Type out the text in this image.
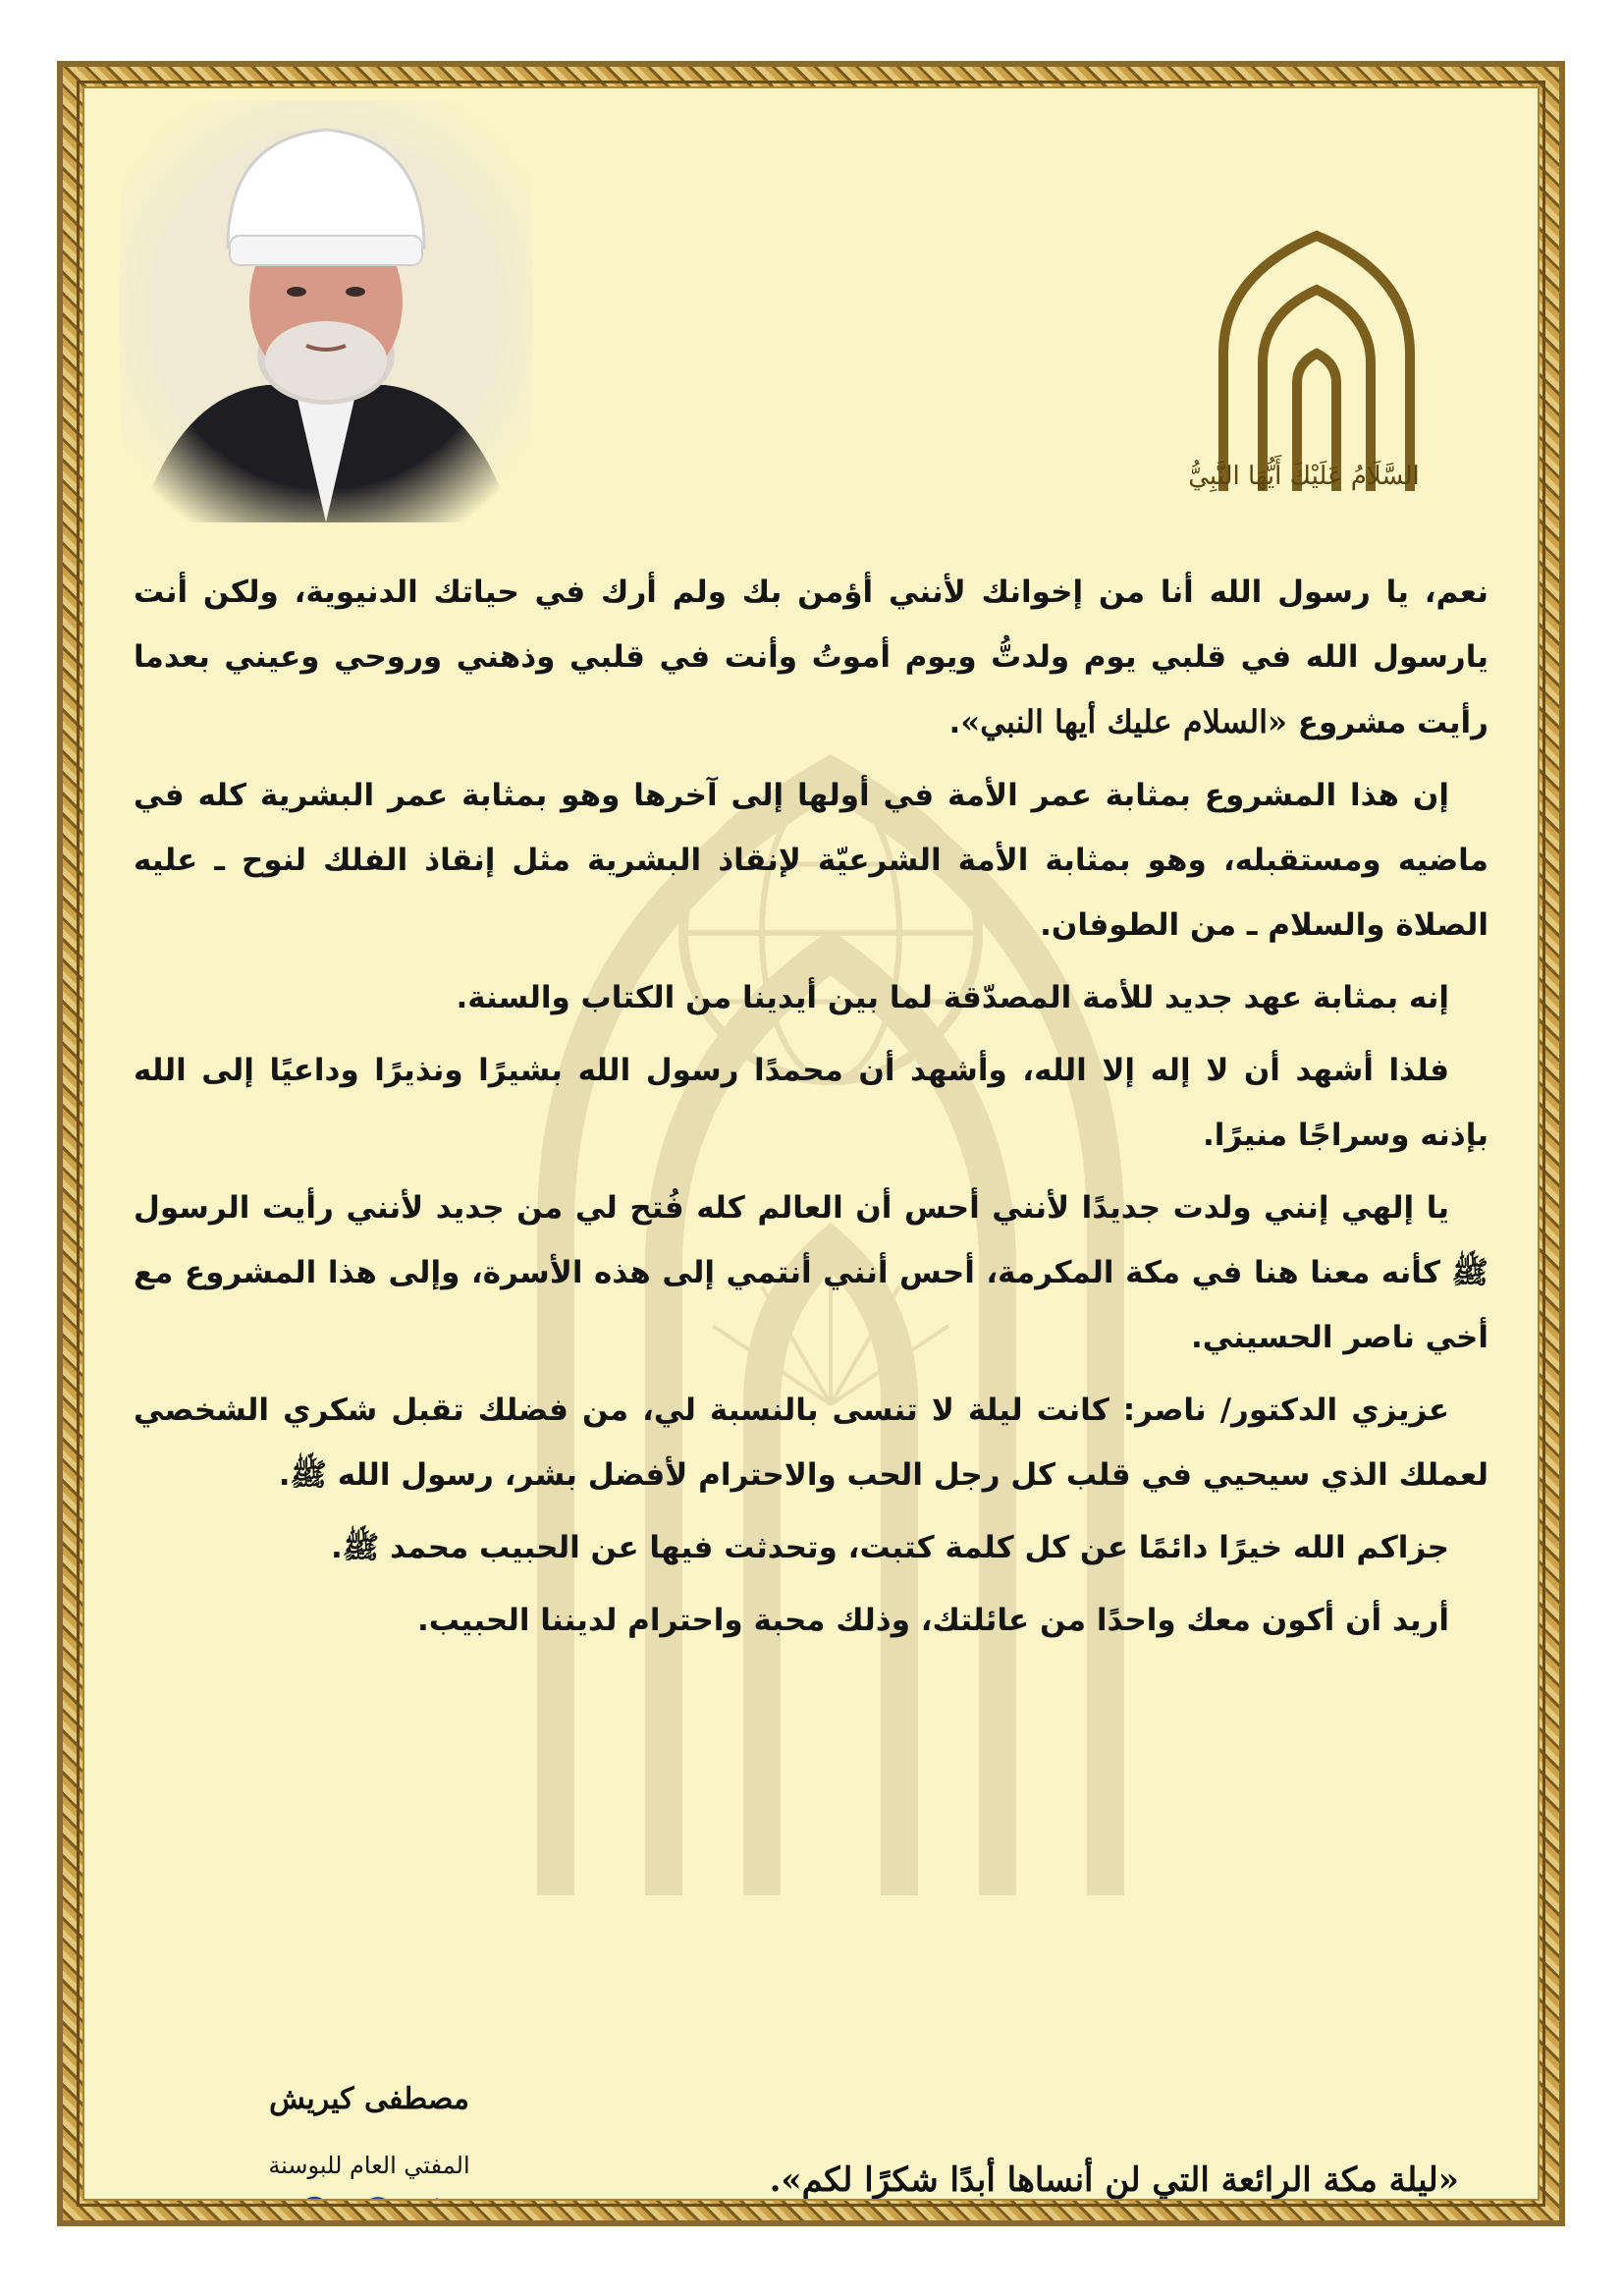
السَّلَامُ عَلَيْكَ أَيُّهَا النَّبِيُّ

نعم، يا رسول الله أنا من إخوانك لأنني أؤمن بك ولم أرك في حياتك الدنيوية، ولكن أنت يارسول الله في قلبي يوم ولدتُّ ويوم أموتُ وأنت في قلبي وذهني وروحي وعيني بعدما رأيت مشروع «السلام عليك أيها النبي».

إن هذا المشروع بمثابة عمر الأمة في أولها إلى آخرها وهو بمثابة عمر البشرية كله في ماضيه ومستقبله، وهو بمثابة الأمة الشرعيّة لإنقاذ البشرية مثل إنقاذ الفلك لنوح ـ عليه الصلاة والسلام ـ من الطوفان.

إنه بمثابة عهد جديد للأمة المصدّقة لما بين أيدينا من الكتاب والسنة.

فلذا أشهد أن لا إله إلا الله، وأشهد أن محمدًا رسول الله بشيرًا ونذيرًا وداعيًا إلى الله بإذنه وسراجًا منيرًا.

يا إلهي إنني ولدت جديدًا لأنني أحس أن العالم كله فُتح لي من جديد لأنني رأيت الرسول ﷺ كأنه معنا هنا في مكة المكرمة، أحس أنني أنتمي إلى هذه الأسرة، وإلى هذا المشروع مع أخي ناصر الحسيني.

عزيزي الدكتور/ ناصر: كانت ليلة لا تنسى بالنسبة لي، من فضلك تقبل شكري الشخصي لعملك الذي سيحيي في قلب كل رجل الحب والاحترام لأفضل بشر، رسول الله ﷺ.

جزاكم الله خيرًا دائمًا عن كل كلمة كتبت، وتحدثت فيها عن الحبيب محمد ﷺ.

أريد أن أكون معك واحدًا من عائلتك، وذلك محبة واحترام لديننا الحبيب.

«ليلة مكة الرائعة التي لن أنساها أبدًا شكرًا لكم».
مصطفى كيريش
المفتي العام للبوسنة
